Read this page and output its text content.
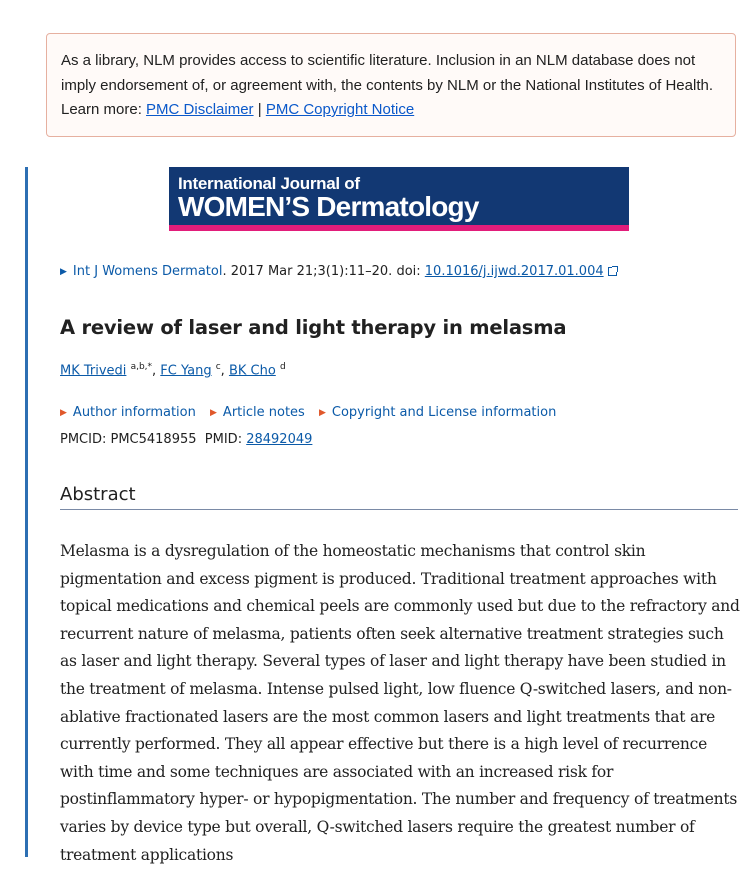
As a library, NLM provides access to scientific literature. Inclusion in an NLM database does not imply endorsement of, or agreement with, the contents by NLM or the National Institutes of Health.
Learn more: PMC Disclaimer | PMC Copyright Notice
International Journal of
WOMEN’S Dermatology
▶ Int J Womens Dermatol. 2017 Mar 21;3(1):11–20. doi: 10.1016/j.ijwd.2017.01.004
A review of laser and light therapy in melasma
MK Trivedi $^{a,b,*}$, FC Yang $^c$, BK Cho $^d$
▶ Author information ▶ Article notes ▶ Copyright and License information
PMCID: PMC5418955 PMID: 28492049
Abstract
Melasma is a dysregulation of the homeostatic mechanisms that control skin pigmentation and excess pigment is produced. Traditional treatment approaches with topical medications and chemical peels are commonly used but due to the refractory and recurrent nature of melasma, patients often seek alternative treatment strategies such as laser and light therapy. Several types of laser and light therapy have been studied in the treatment of melasma. Intense pulsed light, low fluence Q-switched lasers, and non-ablative fractionated lasers are the most common lasers and light treatments that are currently performed. They all appear effective but there is a high level of recurrence with time and some techniques are associated with an increased risk for postinflammatory hyper- or hypopigmentation. The number and frequency of treatments varies by device type but overall, Q-switched lasers require the greatest number of treatment applications
